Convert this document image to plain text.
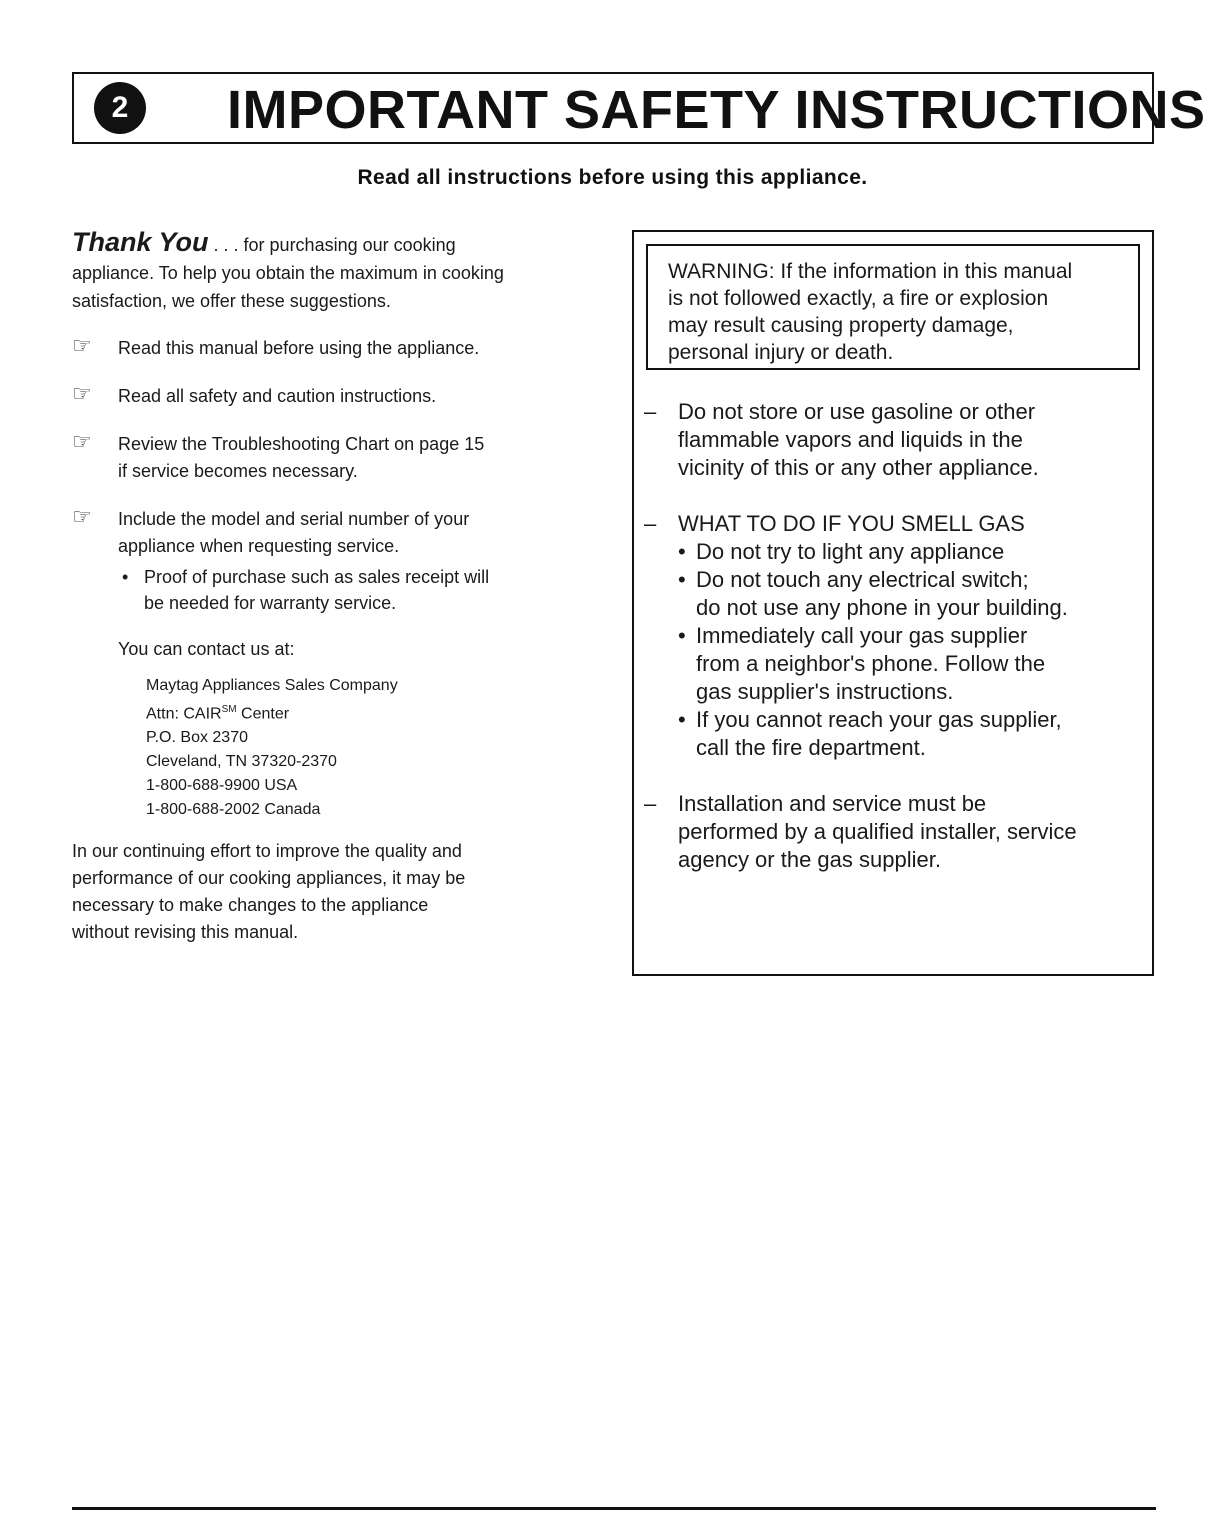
2	IMPORTANT SAFETY INSTRUCTIONS
Read all instructions before using this appliance.

Thank You . . . for purchasing our cooking
appliance. To help you obtain the maximum in cooking satisfaction, we offer these suggestions.

☞ Read this manual before using the appliance.
☞ Read all safety and caution instructions.
☞ Review the Troubleshooting Chart on page 15
if service becomes necessary.
☞ Include the model and serial number of your
appliance when requesting service.
• Proof of purchase such as sales receipt will
be needed for warranty service.
You can contact us at:
Maytag Appliances Sales Company
Attn: CAIR℠ Center
P.O. Box 2370
Cleveland, TN 37320-2370
1-800-688-9900 USA
1-800-688-2002 Canada
In our continuing effort to improve the quality and
performance of our cooking appliances, it may be
necessary to make changes to the appliance
without revising this manual.
WARNING: If the information in this manual
is not followed exactly, a fire or explosion
may result causing property damage,
personal injury or death.
– Do not store or use gasoline or other
flammable vapors and liquids in the
vicinity of this or any other appliance.
– WHAT TO DO IF YOU SMELL GAS
• Do not try to light any appliance
• Do not touch any electrical switch;
do not use any phone in your building.
• Immediately call your gas supplier
from a neighbor's phone. Follow the
gas supplier's instructions.
• If you cannot reach your gas supplier,
call the fire department.
– Installation and service must be
performed by a qualified installer, service
agency or the gas supplier.
